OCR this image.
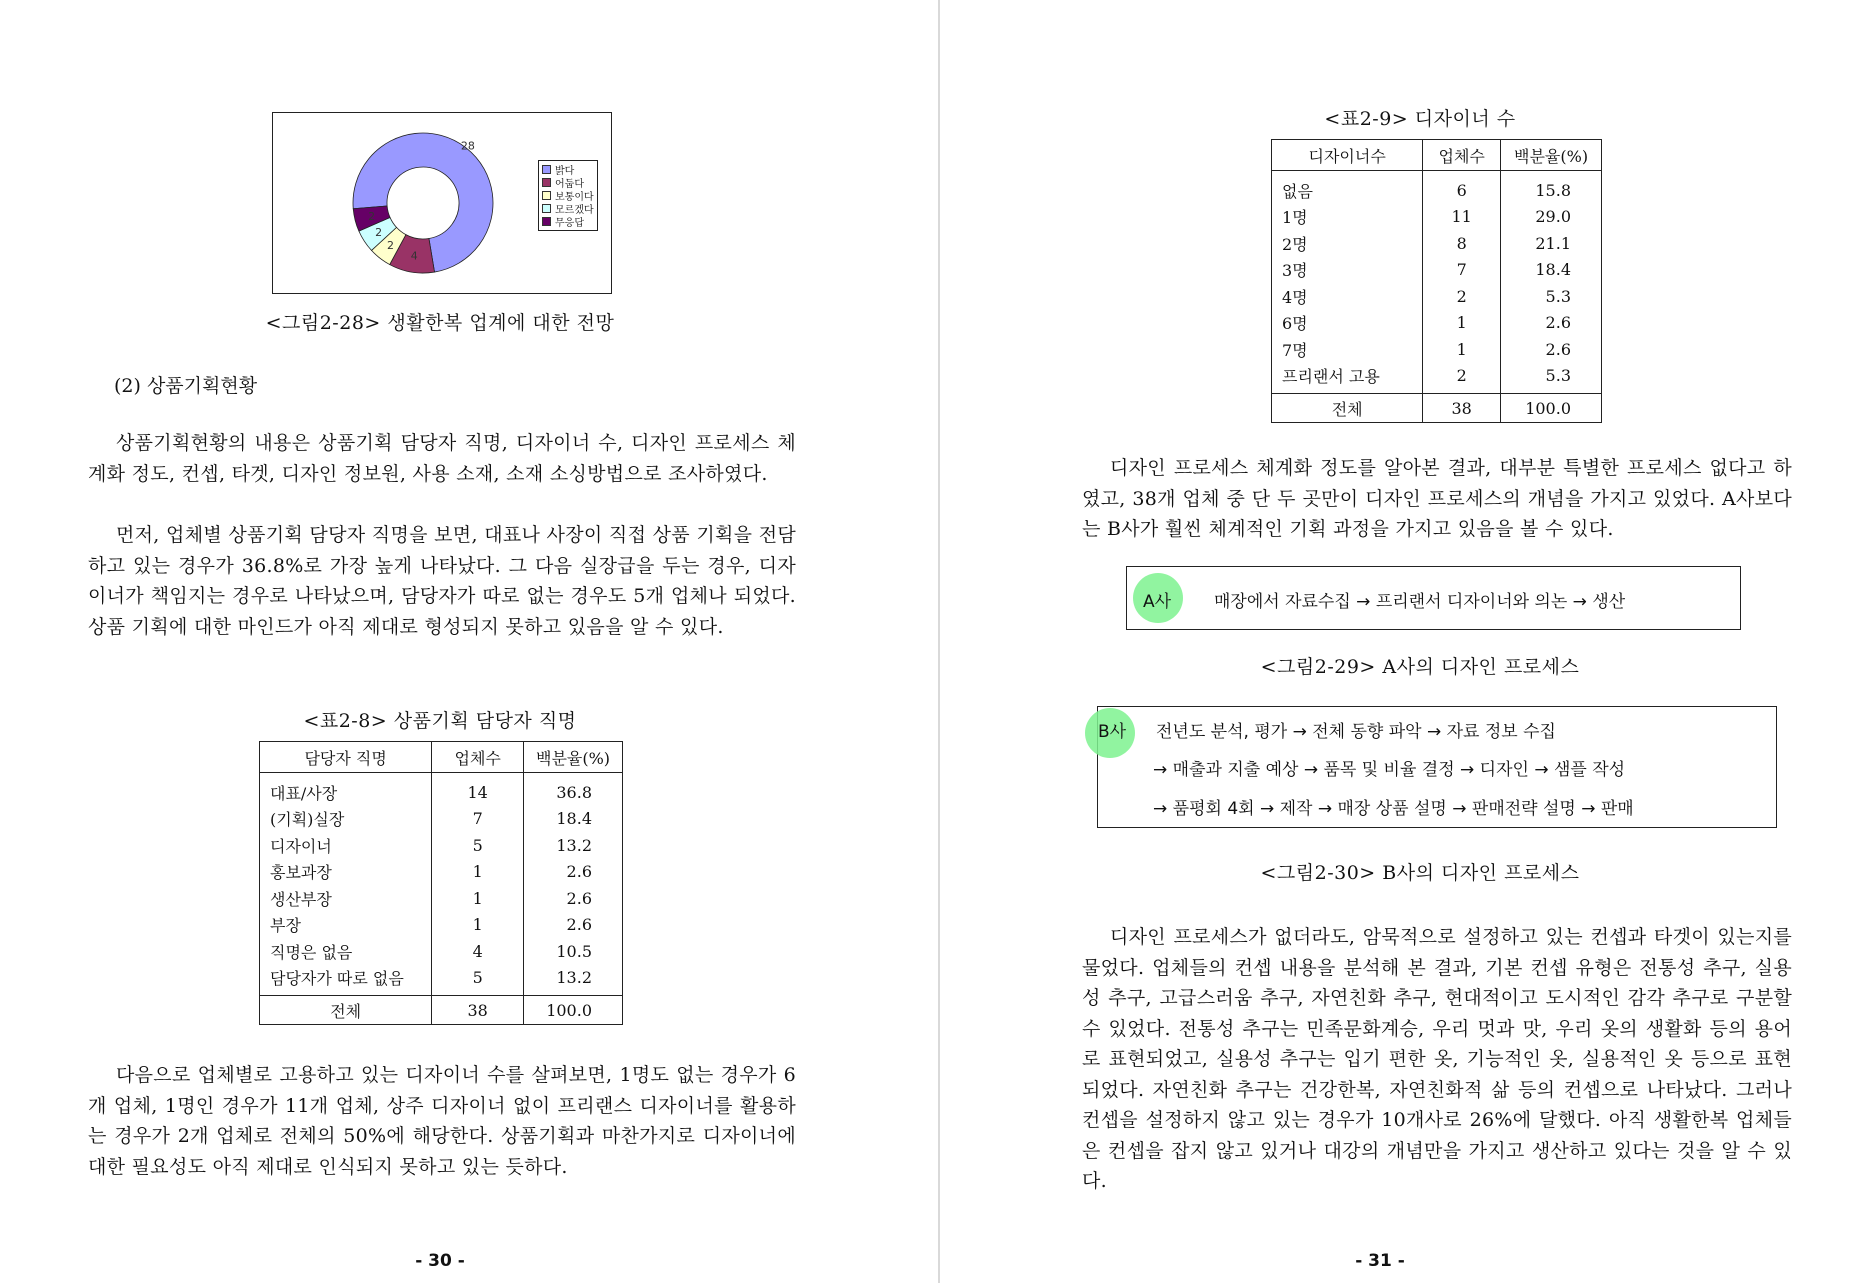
28
4
2
2
2
밝다
어둡다
보통이다
모르겠다
무응답
<그림2-28> 생활한복 업계에 대한 전망
(2) 상품기획현황

상품기획현황의 내용은 상품기획 담당자 직명, 디자이너 수, 디자인 프로세스 체계화 정도, 컨셉, 타겟, 디자인 정보원, 사용 소재, 소재 소싱방법으로 조사하였다.

먼저, 업체별 상품기획 담당자 직명을 보면, 대표나 사장이 직접 상품 기획을 전담하고 있는 경우가 36.8%로 가장 높게 나타났다. 그 다음 실장급을 두는 경우, 디자이너가 책임지는 경우로 나타났으며, 담당자가 따로 없는 경우도 5개 업체나 되었다. 상품 기획에 대한 마인드가 아직 제대로 형성되지 못하고 있음을 알 수 있다.

<표2-8> 상품기획 담당자 직명
담당자 직명	업체수	백분율(%)
대표/사장	14	36.8
(기획)실장	7	18.4
디자이너	5	13.2
홍보과장	1	2.6
생산부장	1	2.6
부장	1	2.6
직명은 없음	4	10.5
담당자가 따로 없음	5	13.2
전체	38	100.0

다음으로 업체별로 고용하고 있는 디자이너 수를 살펴보면, 1명도 없는 경우가 6개 업체, 1명인 경우가 11개 업체, 상주 디자이너 없이 프리랜스 디자이너를 활용하는 경우가 2개 업체로 전체의 50%에 해당한다. 상품기획과 마찬가지로 디자이너에 대한 필요성도 아직 제대로 인식되지 못하고 있는 듯하다.

- 30 -
<표2-9> 디자이너 수
디자이너수	업체수	백분율(%)
없음	6	15.8
1명	11	29.0
2명	8	21.1
3명	7	18.4
4명	2	5.3
6명	1	2.6
7명	1	2.6
프리랜서 고용	2	5.3
전체	38	100.0

디자인 프로세스 체계화 정도를 알아본 결과, 대부분 특별한 프로세스 없다고 하였고, 38개 업체 중 단 두 곳만이 디자인 프로세스의 개념을 가지고 있었다. A사보다는 B사가 훨씬 체계적인 기획 과정을 가지고 있음을 볼 수 있다.

A사	매장에서 자료수집 → 프리랜서 디자이너와 의논 → 생산
<그림2-29> A사의 디자인 프로세스
B사 전년도 분석, 평가 → 전체 동향 파악 → 자료 정보 수집
→ 매출과 지출 예상 → 품목 및 비율 결정 → 디자인 → 샘플 작성
→ 품평회 4회 → 제작 → 매장 상품 설명 → 판매전략 설명 → 판매
<그림2-30> B사의 디자인 프로세스

디자인 프로세스가 없더라도, 암묵적으로 설정하고 있는 컨셉과 타겟이 있는지를 물었다. 업체들의 컨셉 내용을 분석해 본 결과, 기본 컨셉 유형은 전통성 추구, 실용성 추구, 고급스러움 추구, 자연친화 추구, 현대적이고 도시적인 감각 추구로 구분할 수 있었다. 전통성 추구는 민족문화계승, 우리 멋과 맛, 우리 옷의 생활화 등의 용어로 표현되었고, 실용성 추구는 입기 편한 옷, 기능적인 옷, 실용적인 옷 등으로 표현되었다. 자연친화 추구는 건강한복, 자연친화적 삶 등의 컨셉으로 나타났다. 그러나 컨셉을 설정하지 않고 있는 경우가 10개사로 26%에 달했다. 아직 생활한복 업체들은 컨셉을 잡지 않고 있거나 대강의 개념만을 가지고 생산하고 있다는 것을 알 수 있다.

- 31 -
